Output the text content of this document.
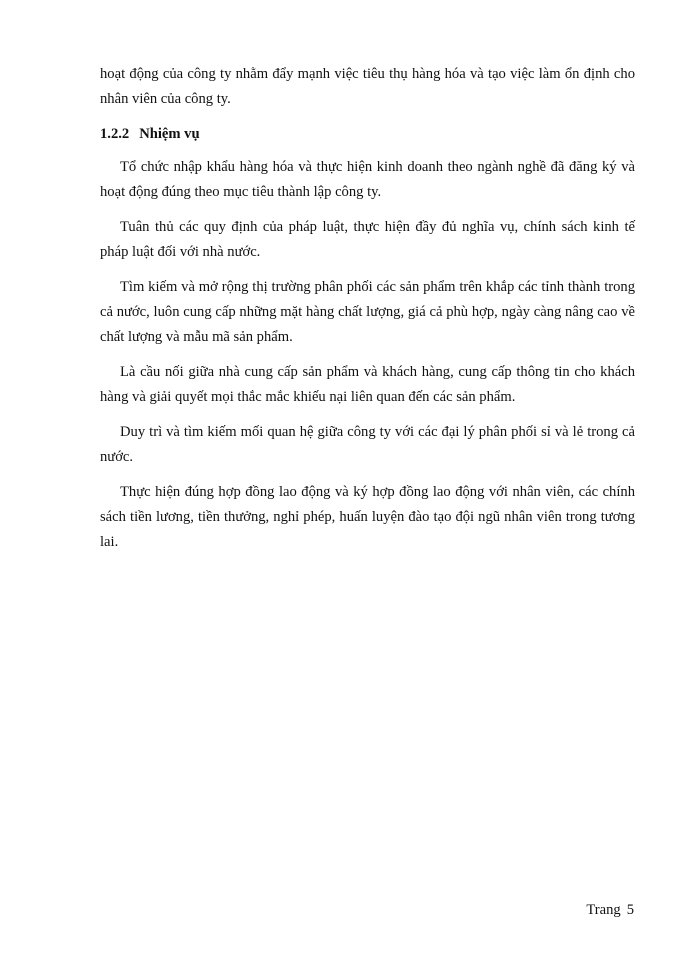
hoạt động của công ty nhằm đẩy mạnh việc tiêu thụ hàng hóa và tạo việc làm ổn định cho nhân viên của công ty.

1.2.2 Nhiệm vụ

Tổ chức nhập khẩu hàng hóa và thực hiện kinh doanh theo ngành nghề đã đăng ký và hoạt động đúng theo mục tiêu thành lập công ty.

Tuân thủ các quy định của pháp luật, thực hiện đầy đủ nghĩa vụ, chính sách kinh tế pháp luật đối với nhà nước.

Tìm kiếm và mở rộng thị trường phân phối các sản phẩm trên khắp các tỉnh thành trong cả nước, luôn cung cấp những mặt hàng chất lượng, giá cả phù hợp, ngày càng nâng cao về chất lượng và mẫu mã sản phẩm.

Là cầu nối giữa nhà cung cấp sản phẩm và khách hàng, cung cấp thông tin cho khách hàng và giải quyết mọi thắc mắc khiếu nại liên quan đến các sản phẩm.

Duy trì và tìm kiếm mối quan hệ giữa công ty với các đại lý phân phối sỉ và lẻ trong cả nước.

Thực hiện đúng hợp đồng lao động và ký hợp đồng lao động với nhân viên, các chính sách tiền lương, tiền thưởng, nghỉ phép, huấn luyện đào tạo đội ngũ nhân viên trong tương lai.

Trang 5
